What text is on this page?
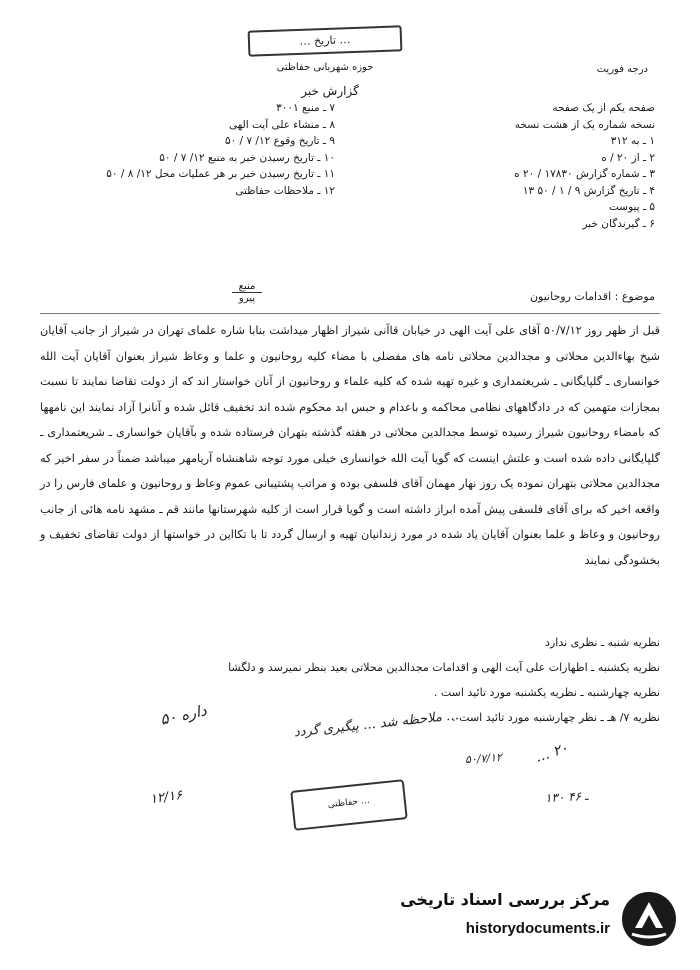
… تاریخ …
حوزه شهربانی حفاظتی
گزارش خبر
درجه فوریت
صفحه یکم از یک صفحه
نسخه شماره یک از هشت نسخه
۱ ـ به ۳۱۲
۲ ـ از ۲۰ / ه
۳ ـ شماره گزارش ۱۷۸۳۰ / ۲۰ ه
۴ ـ تاریخ گزارش ۹ / ۱ / ۵۰ ۱۳
۵ ـ پیوست
۶ ـ گیرندگان خبر
۷ ـ منبع ۳۰۰۱
۸ ـ منشاء علی آیت الهی
۹ ـ تاریخ وقوع ۱۲/ ۷ / ۵۰
۱۰ ـ تاریخ رسیدن خبر به منبع ۱۲/ ۷ / ۵۰
۱۱ ـ تاریخ رسیدن خبر بر هر عملیات محل ۱۲/ ۸ / ۵۰
۱۲ ـ ملاحظات حفاظتی
منبع
پیرو	موضوع : اقدامات روحانیون
قبل از ظهر روز ۵۰/۷/۱۲ آقای علی آیت الهی در خیابان قاآنی شیراز اظهار میداشت بنابا شاره علمای تهران در شیراز از جانب آقایان شیخ بهاءالدین محلاتی و مجدالدین محلاتی نامه های مفصلی با مضاء کلیه روحانیون و علما و وعاظ شیراز بعنوان آقایان آیت الله خوانساری ـ گلپایگانی ـ شریعتمداری و غیره تهیه شده که کلیه علماء و روحانیون از آنان خواستار اند که از دولت تقاضا نمایند تا نسبت بمجازات متهمین که در دادگاههای نظامی محاکمه و باعدام و حبس ابد محکوم شده اند تخفیف قائل شده و آنانرا آزاد نمایند این نامهها که بامضاء روحانیون شیراز رسیده توسط مجدالدین محلاتی در هفته گذشته بتهران فرستاده شده و بآقایان خوانساری ـ شریعتمداری ـ گلپایگانی داده شده است و علتش اینست که گویا آیت الله خوانساری خیلی مورد توجه شاهنشاه آریامهر میباشد ضمناً در سفر اخیر که مجدالدین محلاتی بتهران نموده یک روز نهار مهمان آقای فلسفی بوده و مراتب پشتیبانی عموم وعاظ و روحانیون و علمای فارس را در واقعه اخیر که برای آقای فلسفی پیش آمده ابراز داشته است و گویا قرار است از کلیه شهرستانها مانند قم ـ مشهد نامه هائی از جانب روحانیون و وعاظ و علما بعنوان آقایان یاد شده در مورد زندانیان تهیه و ارسال گردد تا با تکااین در خواستها از دولت تقاضای تخفیف و بخشودگی نمایند
نظریه شنبه ـ نظری ندارد
نظریه یکشنبه ـ اظهارات علی آیت الهی و اقدامات مجدالدین محلاتی بعید بنظر نمیرسد و دلگشا
نظریه چهارشنبه ـ نظریه یکشنبه مورد تائید است .
نظریه ۷/ هـ ـ نظر چهارشنبه مورد تائید است .
داره ۵۰	… ملاحظه شد … پیگیری گردد
۱۲/۱۶
۵۰/۷/۱۲ … ۲۰
۱۳۰ ـ ۴۶
… حفاظتی
مرکز بررسی اسناد تاریخی
historydocuments.ir
